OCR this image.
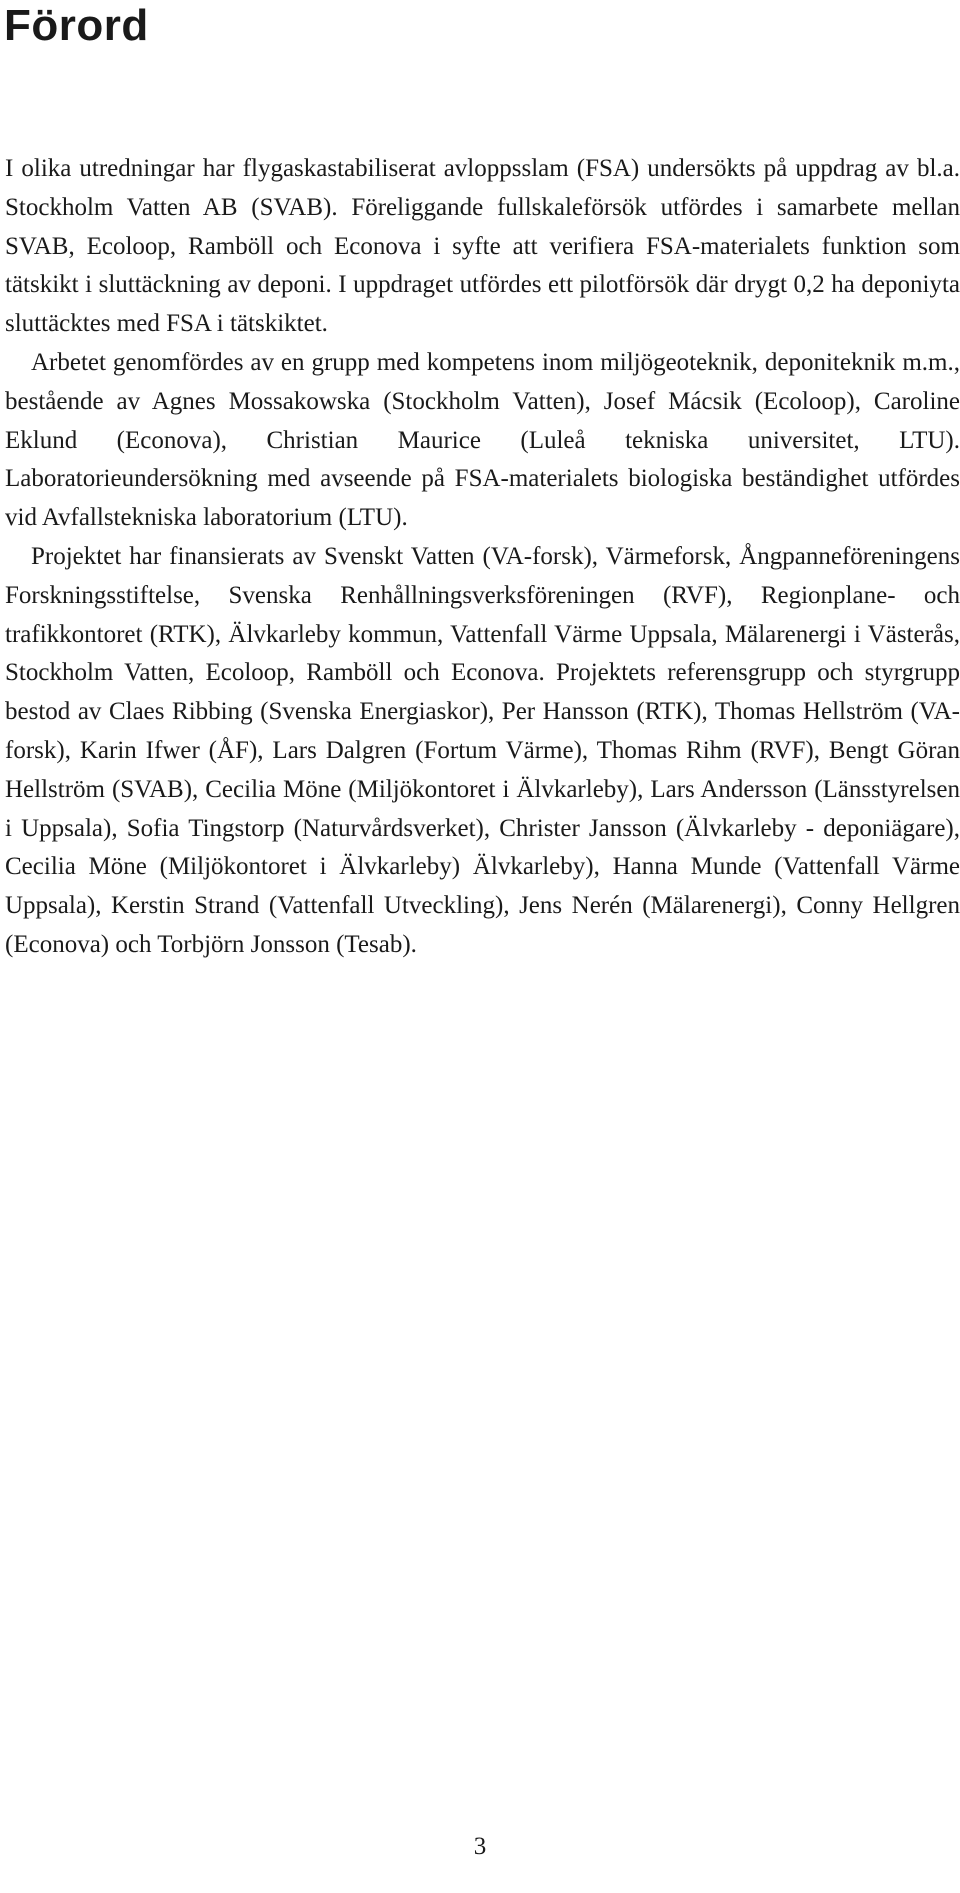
Förord

I olika utredningar har flygaskastabiliserat avloppsslam (FSA) undersökts på uppdrag av bl.a. Stockholm Vatten AB (SVAB). Föreliggande fullskaleförsök utfördes i samarbete mellan SVAB, Ecoloop, Ramböll och Econova i syfte att verifiera FSA-materialets funktion som tätskikt i sluttäckning av deponi. I uppdraget utfördes ett pilotförsök där drygt 0,2 ha deponiyta sluttäcktes med FSA i tätskiktet.

Arbetet genomfördes av en grupp med kompetens inom miljögeoteknik, deponiteknik m.m., bestående av Agnes Mossakowska (Stockholm Vatten), Josef Mácsik (Ecoloop), Caroline Eklund (Econova), Christian Maurice (Luleå tekniska universitet, LTU). Laboratorieundersökning med avseende på FSA-materialets biologiska beständighet utfördes vid Avfallstekniska laboratorium (LTU).

Projektet har finansierats av Svenskt Vatten (VA-forsk), Värmeforsk, Ångpanneföreningens Forskningsstiftelse, Svenska Renhållningsverksföreningen (RVF), Regionplane- och trafikkontoret (RTK), Älvkarleby kommun, Vattenfall Värme Uppsala, Mälarenergi i Västerås, Stockholm Vatten, Ecoloop, Ramböll och Econova. Projektets referensgrupp och styrgrupp bestod av Claes Ribbing (Svenska Energiaskor), Per Hansson (RTK), Thomas Hellström (VA-forsk), Karin Ifwer (ÅF), Lars Dalgren (Fortum Värme), Thomas Rihm (RVF), Bengt Göran Hellström (SVAB), Cecilia Möne (Miljökontoret i Älvkarleby), Lars Andersson (Länsstyrelsen i Uppsala), Sofia Tingstorp (Naturvårdsverket), Christer Jansson (Älvkarleby - deponiägare), Cecilia Möne (Miljökontoret i Älvkarleby) Älvkarleby), Hanna Munde (Vattenfall Värme Uppsala), Kerstin Strand (Vattenfall Utveckling), Jens Nerén (Mälarenergi), Conny Hellgren (Econova) och Torbjörn Jonsson (Tesab).

3
